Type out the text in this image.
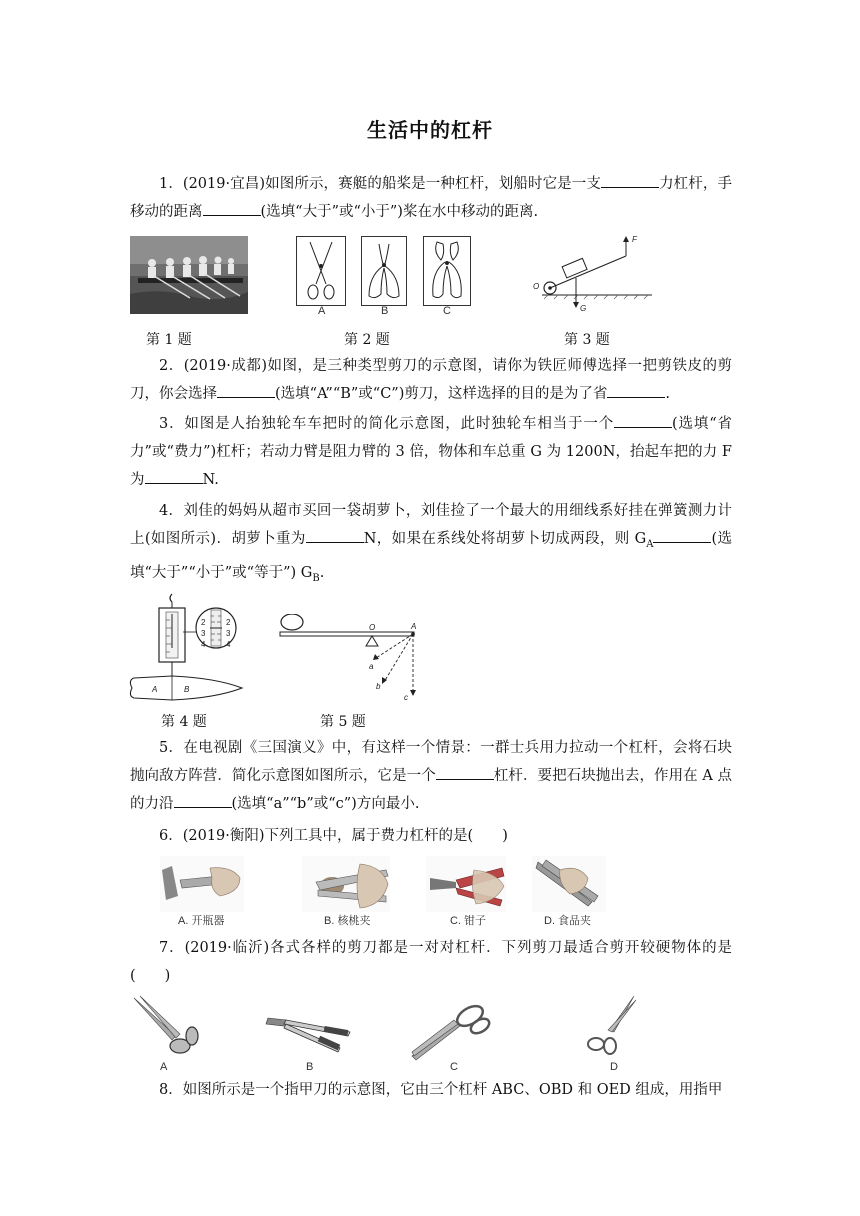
生活中的杠杆
1．(2019·宜昌)如图所示，赛艇的船桨是一种杠杆，划船时它是一支	力杠杆，手移动的距离	(选填“大于”或“小于”)桨在水中移动的距离.
A	B	C
F
O
G
第 1 题	第 2 题	第 3 题
2．(2019·成都)如图，是三种类型剪刀的示意图，请你为铁匠师傅选择一把剪铁皮的剪刀，你会选择	(选填“A”“B”或“C”)剪刀，这样选择的目的是为了省	.
3．如图是人抬独轮车车把时的简化示意图，此时独轮车相当于一个	(选填“省力”或“费力”)杠杆；若动力臂是阻力臂的 3 倍，物体和车总重 G 为 1200N，抬起车把的力 F 为	N.
4．刘佳的妈妈从超市买回一袋胡萝卜，刘佳捡了一个最大的用细线系好挂在弹簧测力计上(如图所示)．胡萝卜重为	N，如果在系线处将胡萝卜切成两段，则 $G_A$	(选填“大于”“小于”或“等于”) $G_B$.
2
3
4
2
3
4
A	B
O	A
a
b
c
第 4 题	第 5 题
5．在电视剧《三国演义》中，有这样一个情景：一群士兵用力拉动一个杠杆，会将石块抛向敌方阵营．简化示意图如图所示，它是一个	杠杆．要把石块抛出去，作用在 A 点的力沿	(选填“a”“b”或“c”)方向最小.
6．(2019·衡阳)下列工具中，属于费力杠杆的是(　　)
A. 开瓶器	B. 核桃夹	C. 钳子	D. 食品夹
7．(2019·临沂)各式各样的剪刀都是一对对杠杆．下列剪刀最适合剪开较硬物体的是(　　)
A	B	C	D
8．如图所示是一个指甲刀的示意图，它由三个杠杆 ABC、OBD 和 OED 组成，用指甲
